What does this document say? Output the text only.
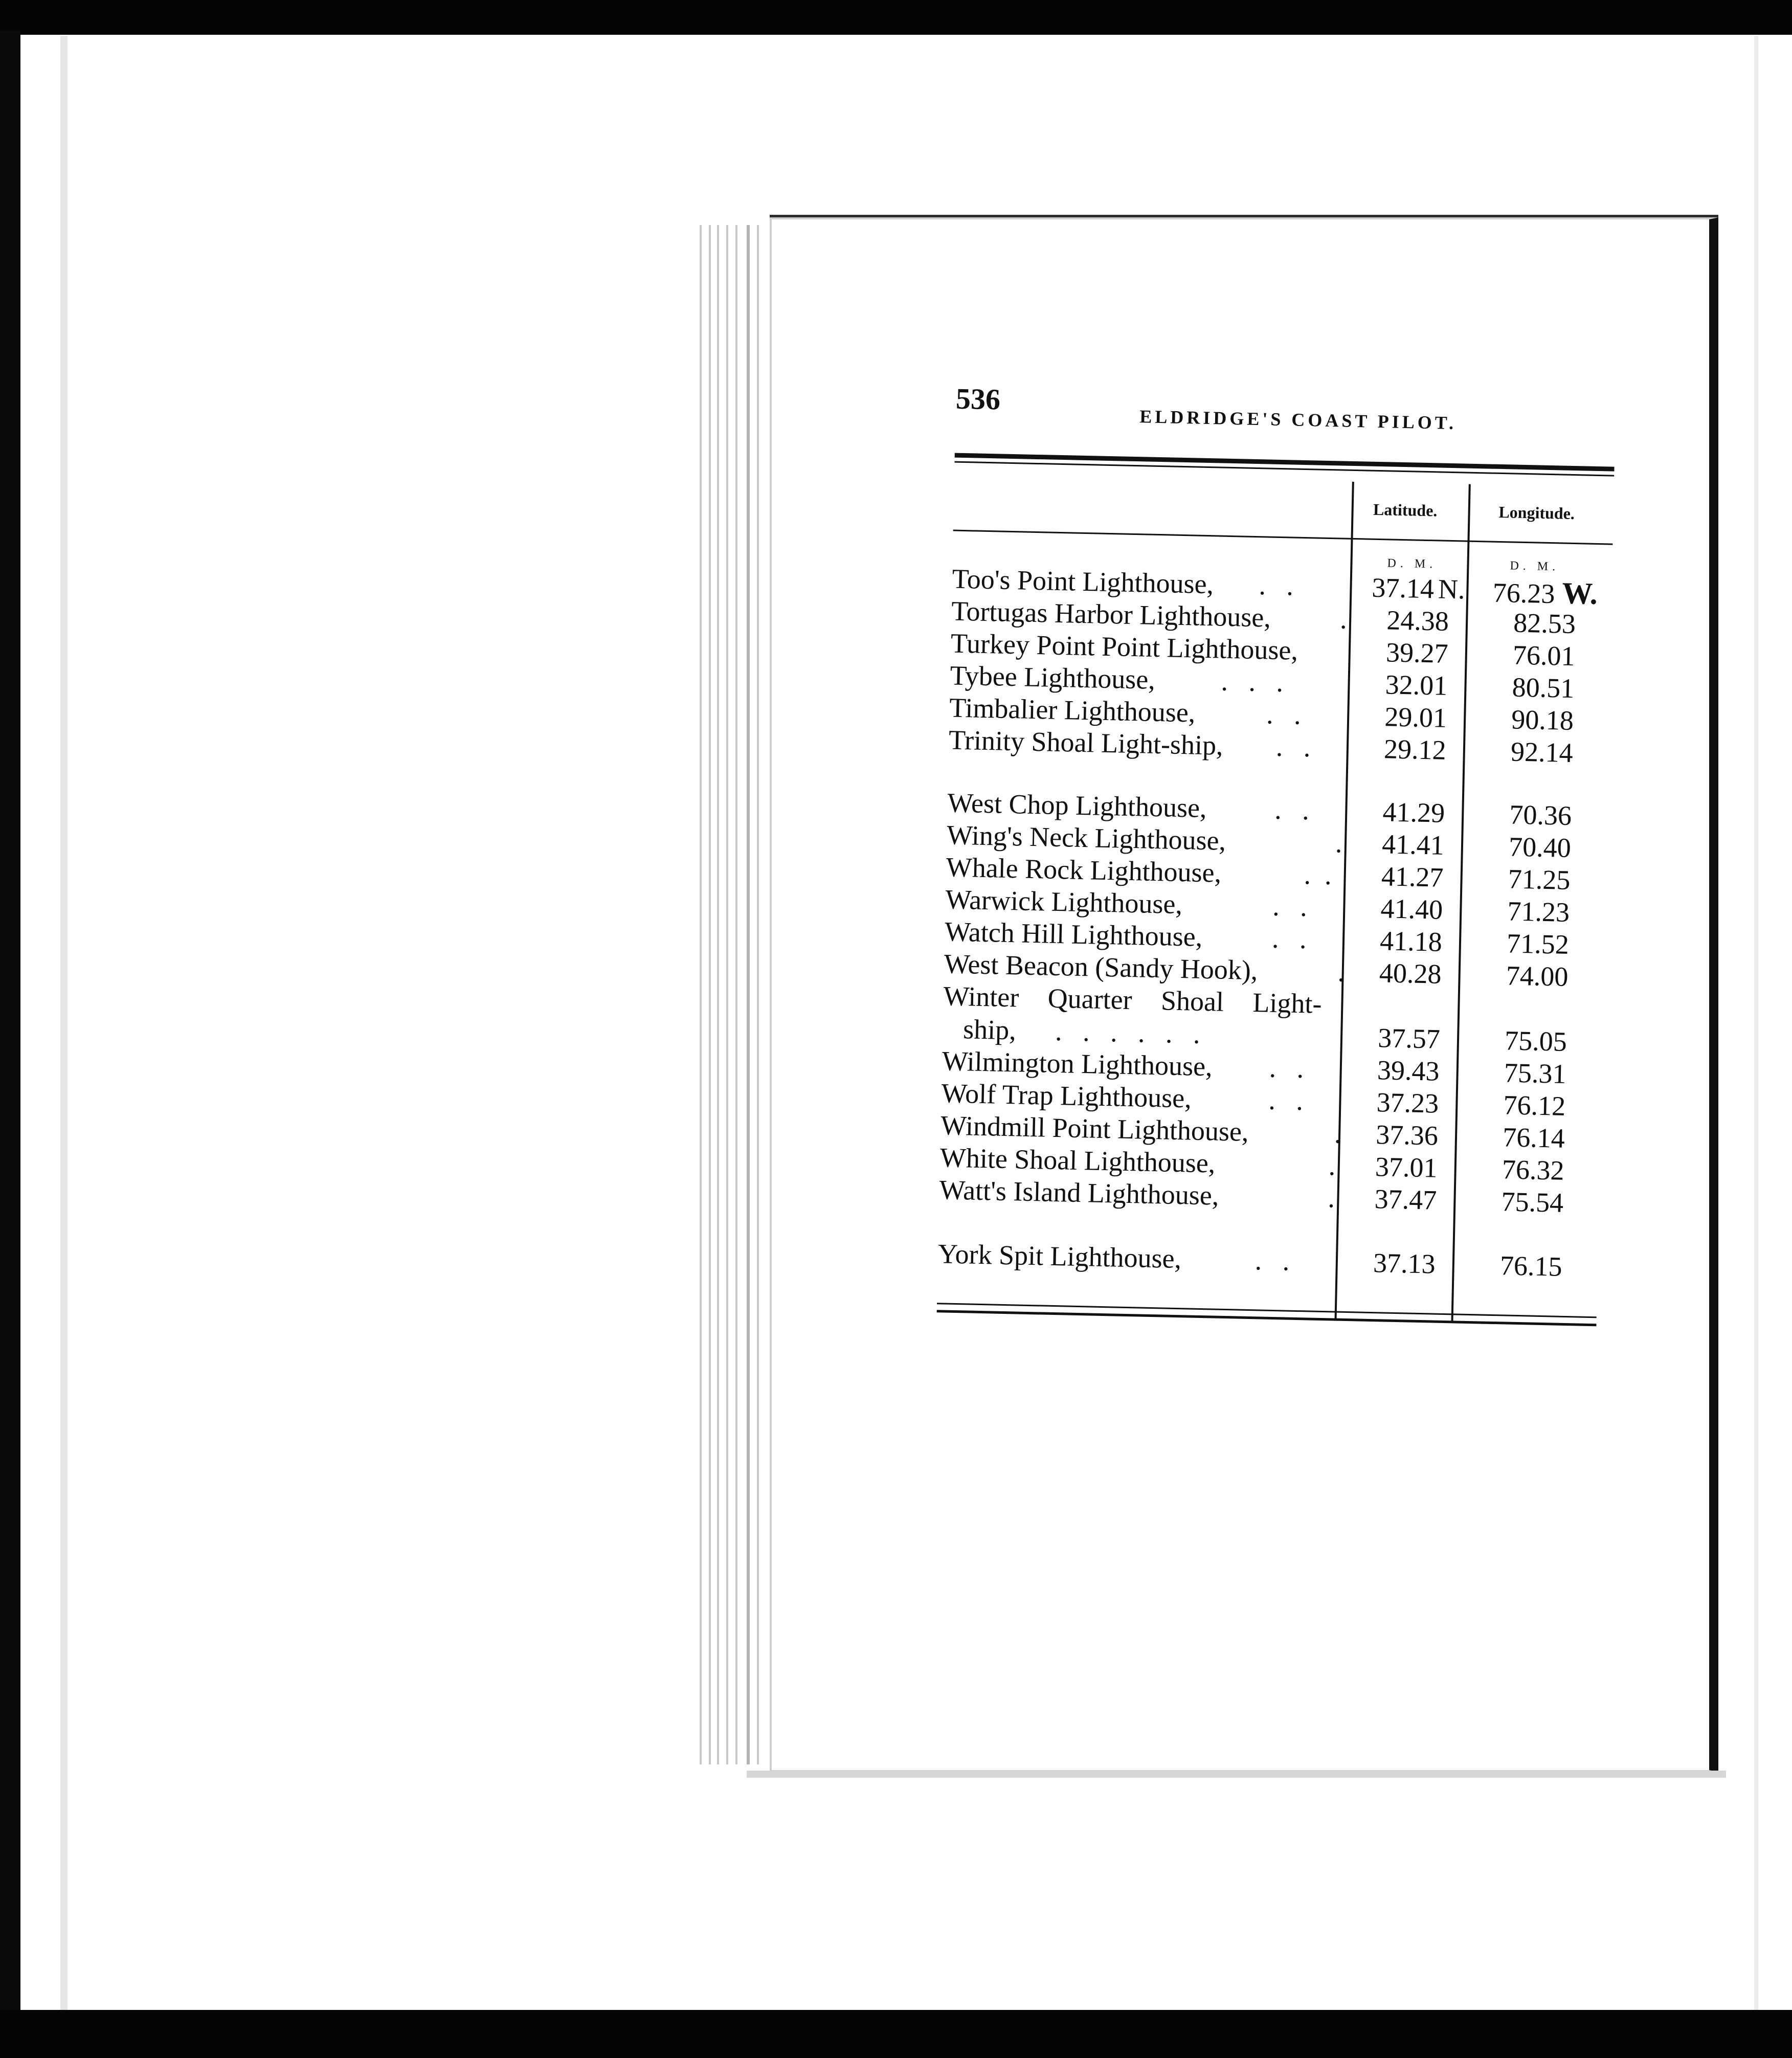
536
ELDRIDGE'S COAST PILOT.
Latitude.	Longitude.
D. M.	D. M.
Too's Point Lighthouse, .   .	37.14 N. 76.23 W.
Tortugas Harbor Lighthouse, .	24.38	82.53
Turkey Point Point Lighthouse,	39.27	76.01
Tybee Lighthouse, .   .   .	32.01	80.51
Timbalier Lighthouse,	.   .	29.01	90.18
Trinity Shoal Light-ship, .   .	29.12	92.14
West Chop Lighthouse, .   .	41.29	70.36
Wing's Neck Lighthouse,	.	41.41	70.40
Whale Rock Lighthouse,	.  .	41.27	71.25
Warwick Lighthouse,	.   .	41.40	71.23
Watch Hill Lighthouse, .   .	41.18	71.52
West Beacon (Sandy Hook),	.	40.28	74.00
Winter Quarter Shoal Light-
ship, .   .   .   .   .   .	37.57	75.05
Wilmington Lighthouse, .   .	39.43	75.31
Wolf Trap Lighthouse,	.   .	37.23	76.12
Windmill Point Lighthouse,	.	37.36	76.14
White Shoal Lighthouse,	.	37.01	76.32
Watt's Island Lighthouse,	.	37.47	75.54
York Spit Lighthouse,	.   .	37.13	76.15
